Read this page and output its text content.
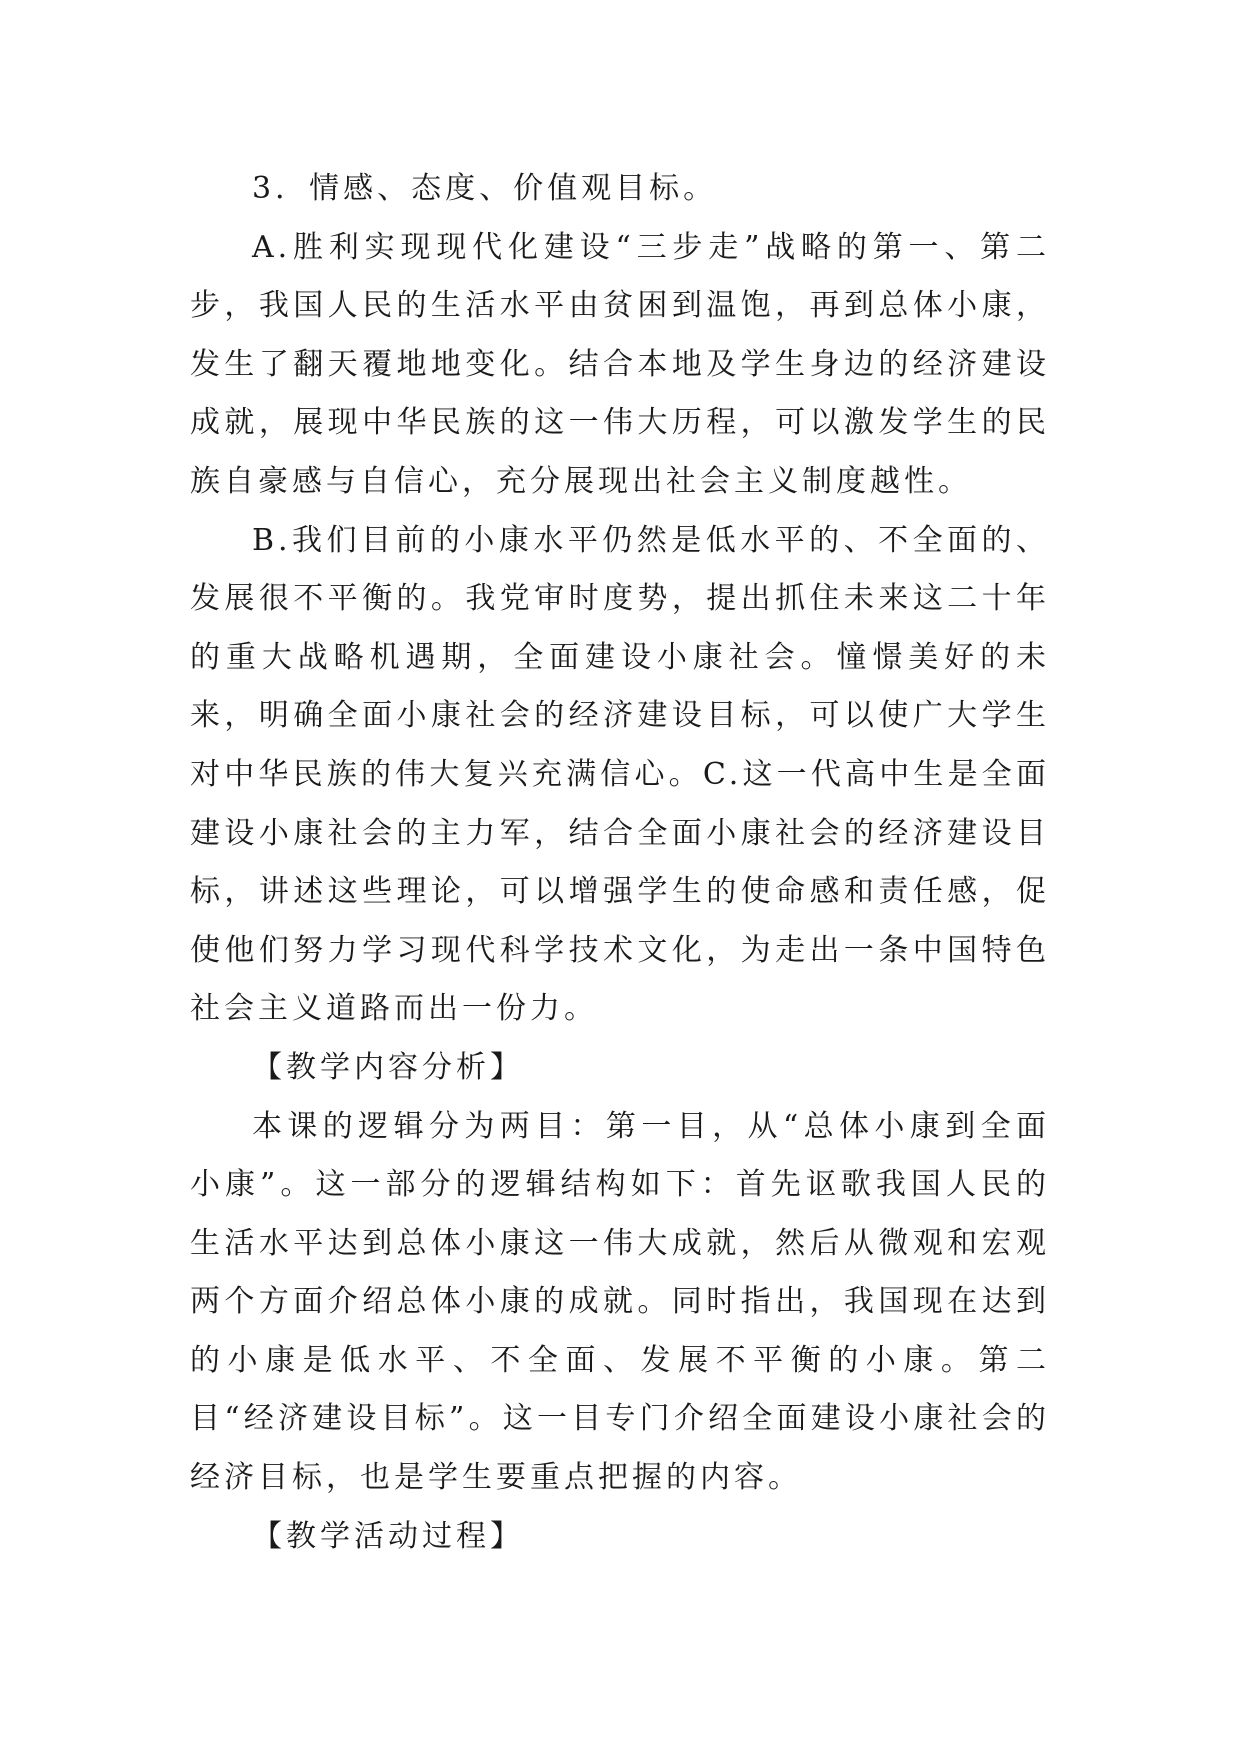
3．情感、态度、价值观目标。

A.胜利实现现代化建设“三步走”战略的第一、第二步，我国人民的生活水平由贫困到温饱，再到总体小康，发生了翻天覆地地变化。结合本地及学生身边的经济建设成就，展现中华民族的这一伟大历程，可以激发学生的民族自豪感与自信心，充分展现出社会主义制度越性。

B.我们目前的小康水平仍然是低水平的、不全面的、发展很不平衡的。我党审时度势，提出抓住未来这二十年的重大战略机遇期，全面建设小康社会。憧憬美好的未来，明确全面小康社会的经济建设目标，可以使广大学生对中华民族的伟大复兴充满信心。C.这一代高中生是全面建设小康社会的主力军，结合全面小康社会的经济建设目标，讲述这些理论，可以增强学生的使命感和责任感，促使他们努力学习现代科学技术文化，为走出一条中国特色社会主义道路而出一份力。

【教学内容分析】

本课的逻辑分为两目：第一目，从“总体小康到全面小康”。这一部分的逻辑结构如下：首先讴歌我国人民的生活水平达到总体小康这一伟大成就，然后从微观和宏观两个方面介绍总体小康的成就。同时指出，我国现在达到的小康是低水平、不全面、发展不平衡的小康。第二目“经济建设目标”。这一目专门介绍全面建设小康社会的经济目标，也是学生要重点把握的内容。

【教学活动过程】
